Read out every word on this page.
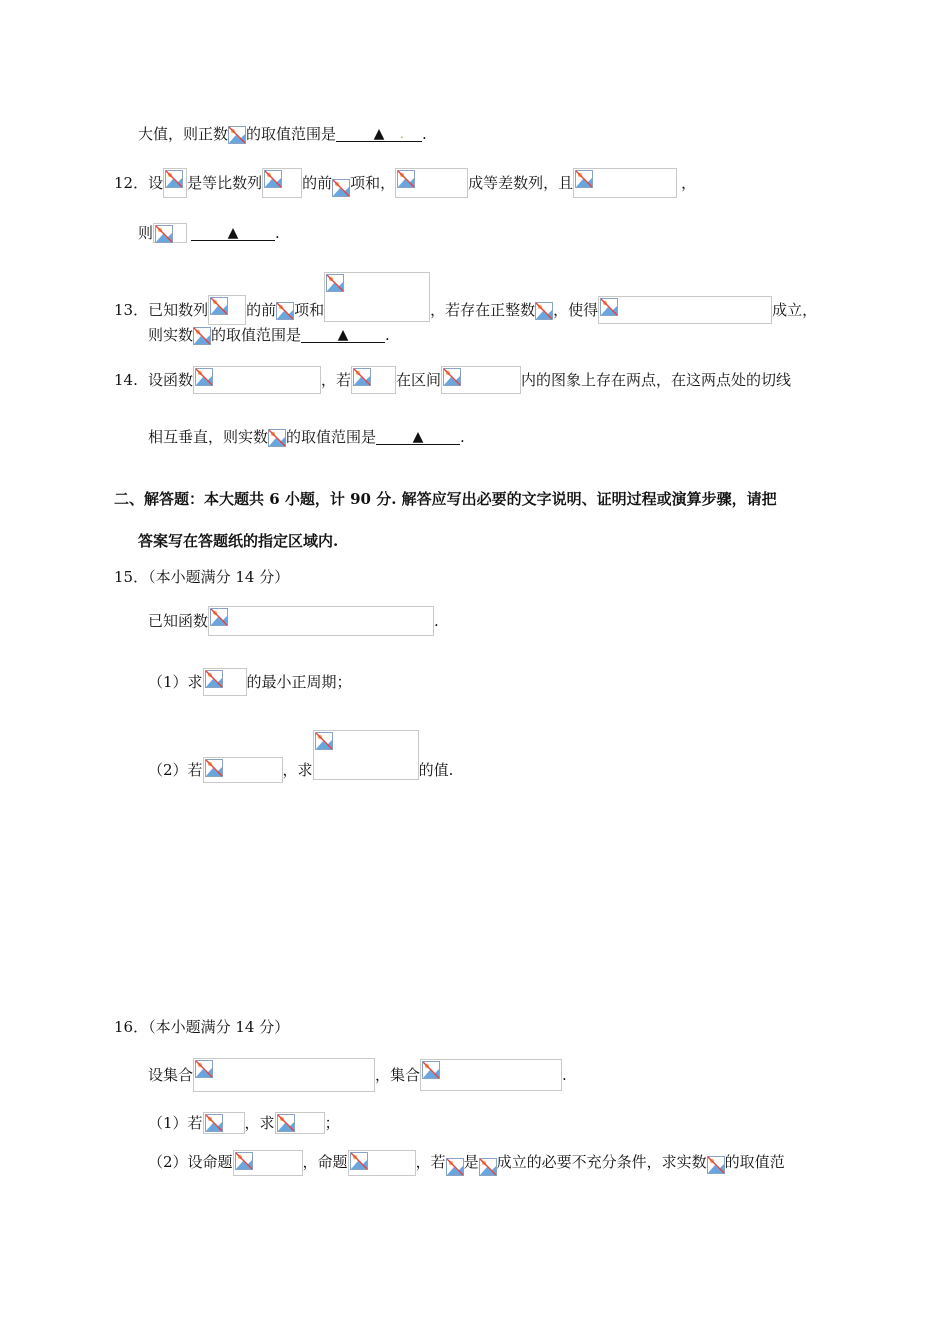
大值，则正数 的取值范围是	▲ . .
12．设 是等比数列	的前 项和，	成等差数列，且	，
则	▲ .
13．已知数列	的前 项和	，若存在正整数 ，使得	成立，
则实数 的取值范围是	▲ .
14. 设函数	，若	在区间	内的图象上存在两点，在这两点处的切线
相互垂直，则实数 的取值范围是	▲ .
二、解答题：本大题共 6 小题，计 90 分. 解答应写出必要的文字说明、证明过程或演算步骤，请把
答案写在答题纸的指定区域内.
15．（本小题满分 14 分）
已知函数	.
（1）求	的最小正周期；
（2）若	，求	的值.
16．（本小题满分 14 分）
设集合	，集合	.
（1）若	，求	；
（2）设命题	，命题	，若 是 成立的必要不充分条件，求实数 的取值范
